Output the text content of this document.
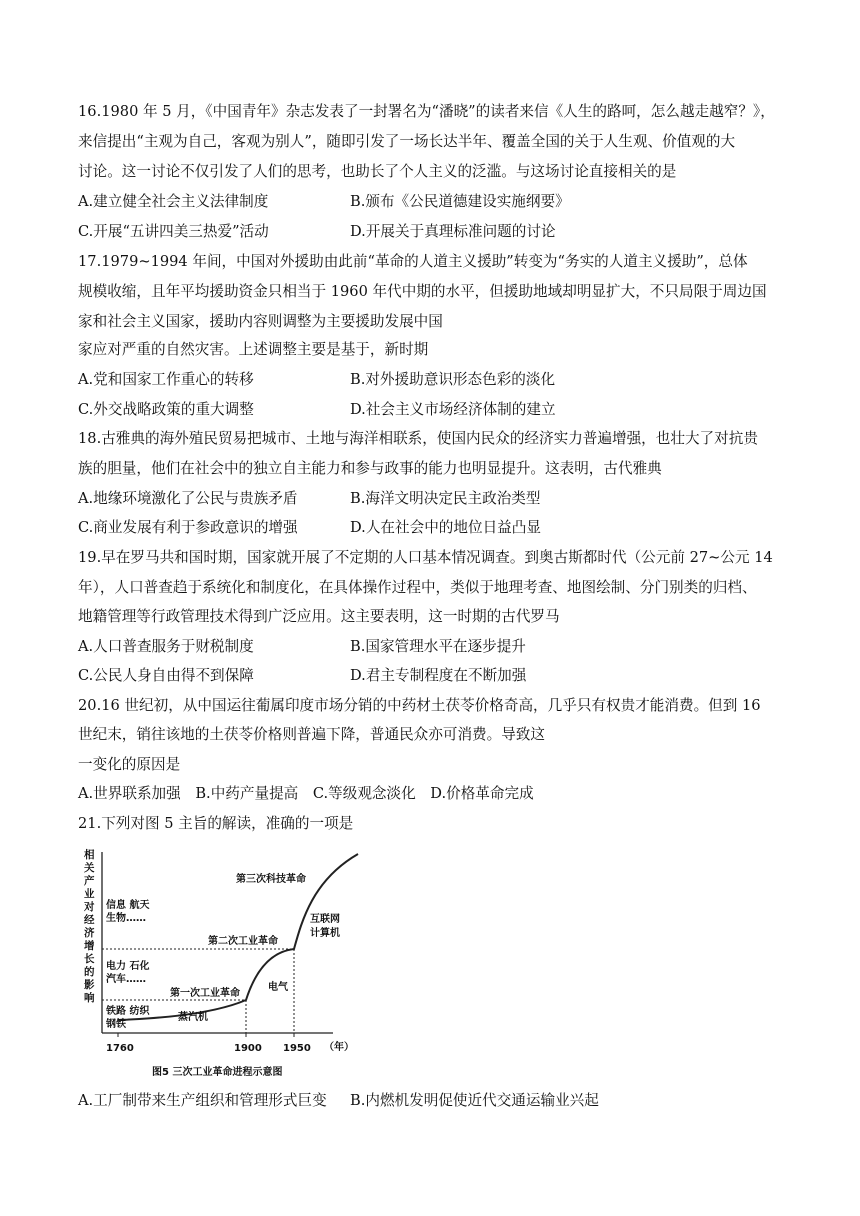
16.1980 年 5 月，《中国青年》杂志发表了一封署名为“潘晓”的读者来信《人生的路呵，怎么越走越窄？》，
来信提出“主观为自己，客观为别人”，随即引发了一场长达半年、覆盖全国的关于人生观、价值观的大
讨论。这一讨论不仅引发了人们的思考，也助长了个人主义的泛滥。与这场讨论直接相关的是
A.建立健全社会主义法律制度	B.颁布《公民道德建设实施纲要》
C.开展“五讲四美三热爱”活动	D.开展关于真理标准问题的讨论
17.1979~1994 年间，中国对外援助由此前“革命的人道主义援助”转变为“务实的人道主义援助”，总体
规模收缩，且年平均援助资金只相当于 1960 年代中期的水平，但援助地域却明显扩大，不只局限于周边国
家和社会主义国家，援助内容则调整为主要援助发展中国
家应对严重的自然灾害。上述调整主要是基于，新时期
A.党和国家工作重心的转移	B.对外援助意识形态色彩的淡化
C.外交战略政策的重大调整	D.社会主义市场经济体制的建立
18.古雅典的海外殖民贸易把城市、土地与海洋相联系，使国内民众的经济实力普遍增强，也壮大了对抗贵
族的胆量，他们在社会中的独立自主能力和参与政事的能力也明显提升。这表明，古代雅典
A.地缘环境激化了公民与贵族矛盾	B.海洋文明决定民主政治类型
C.商业发展有利于参政意识的增强	D.人在社会中的地位日益凸显
19.早在罗马共和国时期，国家就开展了不定期的人口基本情况调查。到奥古斯都时代（公元前 27~公元 14
年），人口普查趋于系统化和制度化，在具体操作过程中，类似于地理考查、地图绘制、分门别类的归档、
地籍管理等行政管理技术得到广泛应用。这主要表明，这一时期的古代罗马
A.人口普查服务于财税制度	B.国家管理水平在逐步提升
C.公民人身自由得不到保障	D.君主专制程度在不断加强
20.16 世纪初，从中国运往葡属印度市场分销的中药材土茯苓价格奇高，几乎只有权贵才能消费。但到 16
世纪末，销往该地的土茯苓价格则普遍下降，普通民众亦可消费。导致这
一变化的原因是
A.世界联系加强　B.中药产量提高　C.等级观念淡化　D.价格革命完成
21.下列对图 5 主旨的解读，准确的一项是
相关产业对经济增长的影响
1760	1900 1950 （年）
第三次科技革命
第二次工业革命
第一次工业革命
蒸汽机
电气
互联网
计算机
信息 航天
生物……
电力 石化
汽车……
铁路 纺织
钢铁
图5 三次工业革命进程示意图
A.工厂制带来生产组织和管理形式巨变 B.内燃机发明促使近代交通运输业兴起
